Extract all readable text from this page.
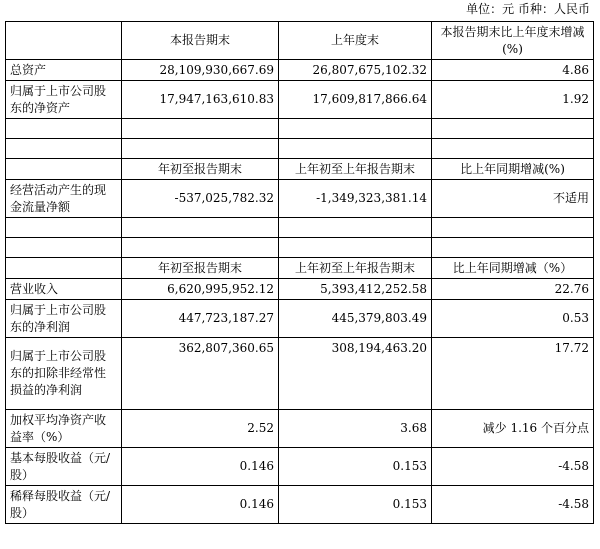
单位：元 币种：人民币
	本报告期末	上年度末	本报告期末比上年度末增减(%)
总资产	28,109,930,667.69	26,807,675,102.32	4.86
归属于上市公司股东的净资产	17,947,163,610.83	17,609,817,866.64	1.92

	年初至报告期末	上年初至上年报告期末	比上年同期增减(%)
经营活动产生的现金流量净额	-537,025,782.32	-1,349,323,381.14	不适用

	年初至报告期末	上年初至上年报告期末	比上年同期增减（%）
营业收入	6,620,995,952.12	5,393,412,252.58	22.76
归属于上市公司股东的净利润	447,723,187.27	445,379,803.49	0.53
归属于上市公司股东的扣除非经常性损益的净利润	362,807,360.65	308,194,463.20	17.72
加权平均净资产收益率（%）	2.52	3.68	减少 1.16 个百分点
基本每股收益（元/股）	0.146	0.153	-4.58
稀释每股收益（元/股）	0.146	0.153	-4.58
